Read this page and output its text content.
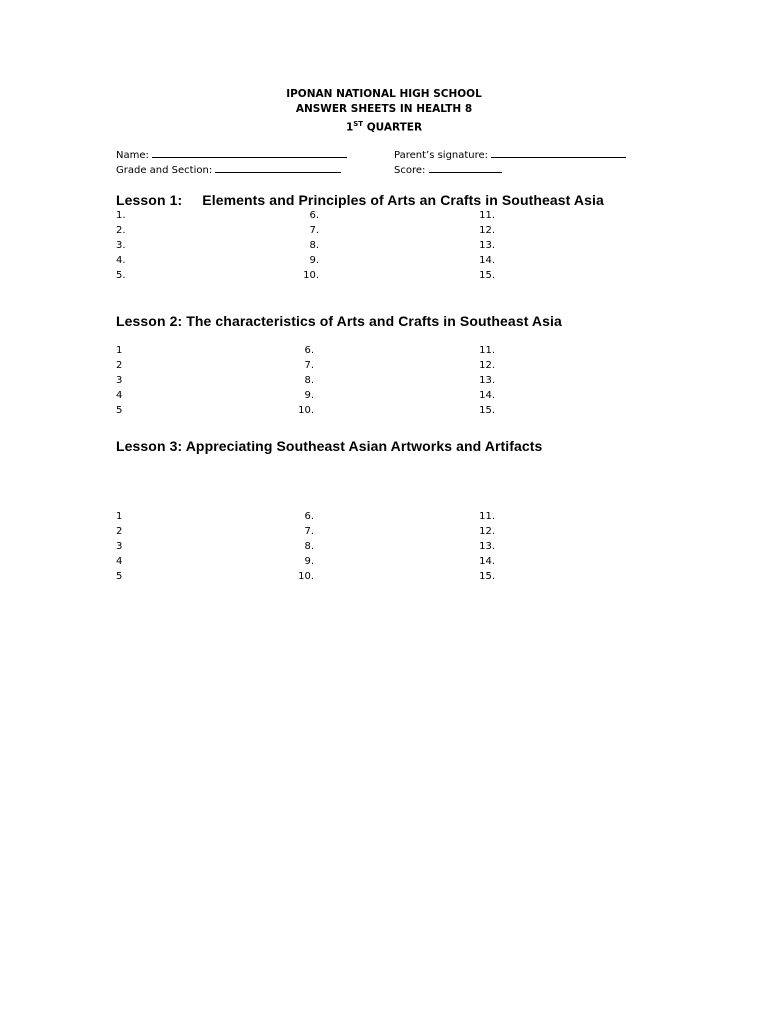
IPONAN NATIONAL HIGH SCHOOL
ANSWER SHEETS IN HEALTH 8
1ST QUARTER
Name:
Grade and Section:
Parent’s signature:
Score:
Lesson 1: Elements and Principles of Arts an Crafts in Southeast Asia
1.	6.	11.
2.	7.	12.
3.	8.	13.
4.	9.	14.
5.	10.	15.
Lesson 2: The characteristics of Arts and Crafts in Southeast Asia
1	6.	11.
2	7.	12.
3	8.	13.
4	9.	14.
5	10.	15.
Lesson 3: Appreciating Southeast Asian Artworks and Artifacts
1	6.	11.
2	7.	12.
3	8.	13.
4	9.	14.
5	10.	15.
